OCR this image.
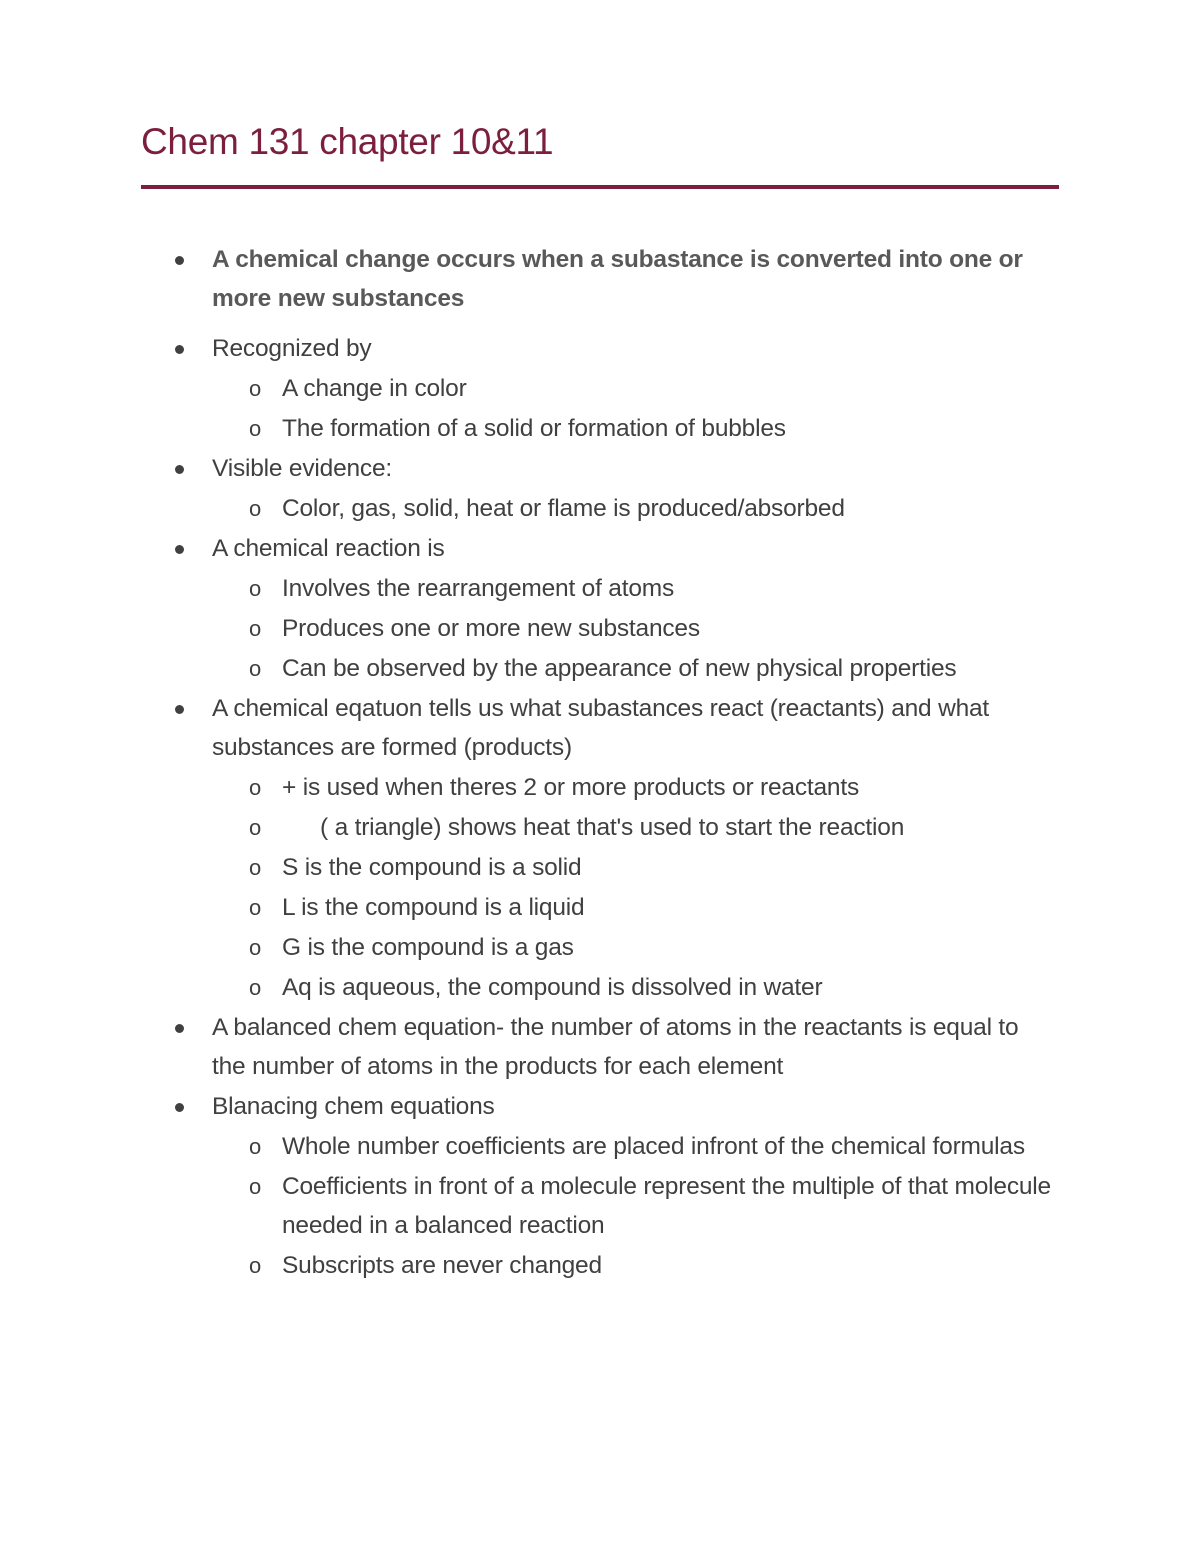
Chem 131 chapter 10&11
A chemical change occurs when a subastance is converted into one or more new substances
Recognized by
o A change in color
o The formation of a solid or formation of bubbles
Visible evidence:
o Color, gas, solid, heat or flame is produced/absorbed
A chemical reaction is
o Involves the rearrangement of atoms
o Produces one or more new substances
o Can be observed by the appearance of new physical properties
A chemical eqatuon tells us what subastances react (reactants) and what substances are formed (products)
o + is used when theres 2 or more products or reactants
o	( a triangle) shows heat that's used to start the reaction
o S is the compound is a solid
o L is the compound is a liquid
o G is the compound is a gas
o Aq is aqueous, the compound is dissolved in water
A balanced chem equation- the number of atoms in the reactants is equal to the number of atoms in the products for each element
Blanacing chem equations
o Whole number coefficients are placed infront of the chemical formulas
o Coefficients in front of a molecule represent the multiple of that molecule needed in a balanced reaction
o Subscripts are never changed
